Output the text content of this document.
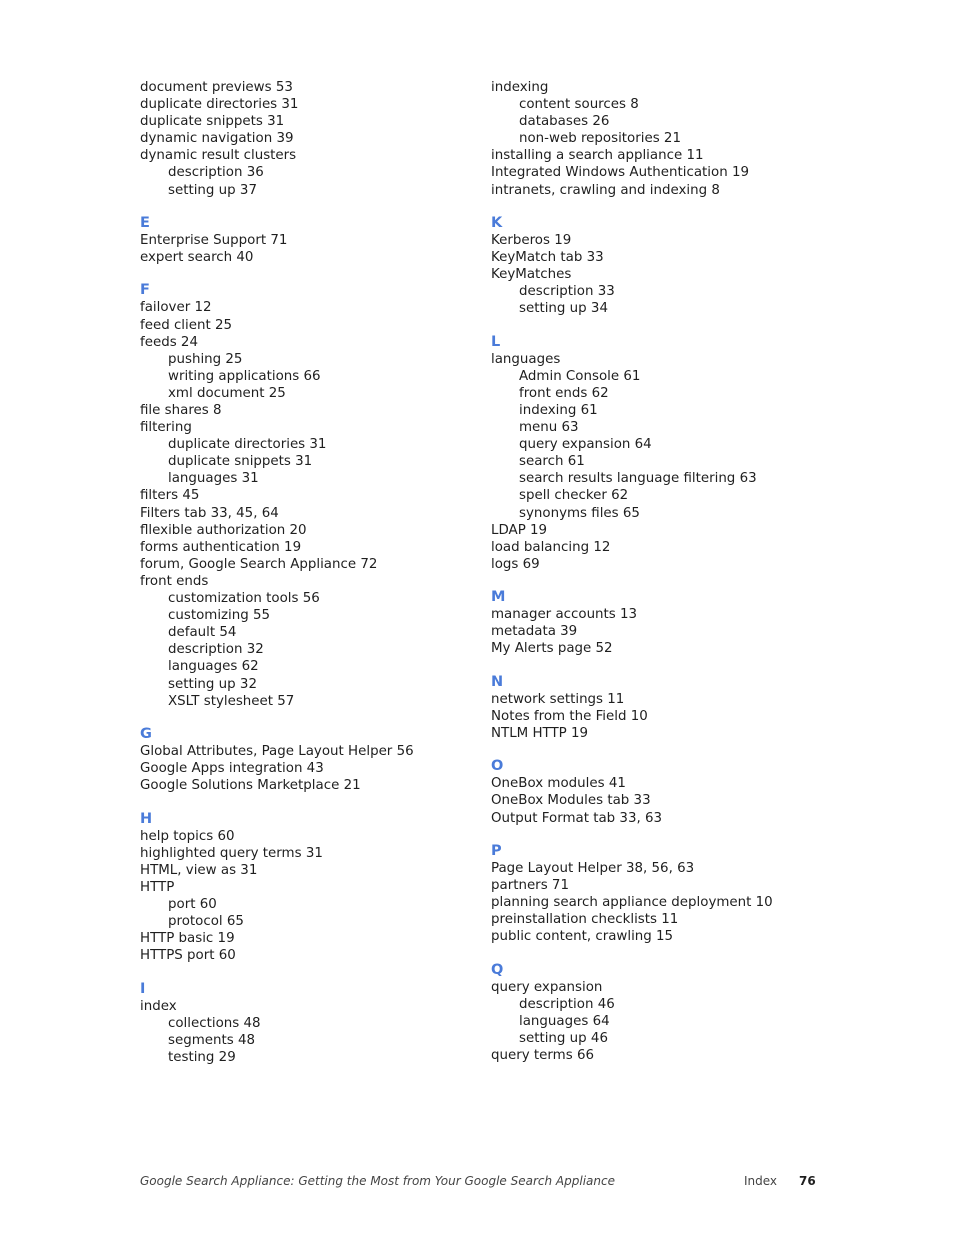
document previews 53
duplicate directories 31
duplicate snippets 31
dynamic navigation 39
dynamic result clusters
description 36
setting up 37
E
Enterprise Support 71
expert search 40
F
failover 12
feed client 25
feeds 24
pushing 25
writing applications 66
xml document 25
file shares 8
filtering
duplicate directories 31
duplicate snippets 31
languages 31
filters 45
Filters tab 33, 45, 64
fllexible authorization 20
forms authentication 19
forum, Google Search Appliance 72
front ends
customization tools 56
customizing 55
default 54
description 32
languages 62
setting up 32
XSLT stylesheet 57
G
Global Attributes, Page Layout Helper 56
Google Apps integration 43
Google Solutions Marketplace 21
H
help topics 60
highlighted query terms 31
HTML, view as 31
HTTP
port 60
protocol 65
HTTP basic 19
HTTPS port 60
I
index
collections 48
segments 48
testing 29
indexing
content sources 8
databases 26
non-web repositories 21
installing a search appliance 11
Integrated Windows Authentication 19
intranets, crawling and indexing 8
K
Kerberos 19
KeyMatch tab 33
KeyMatches
description 33
setting up 34
L
languages
Admin Console 61
front ends 62
indexing 61
menu 63
query expansion 64
search 61
search results language filtering 63
spell checker 62
synonyms files 65
LDAP 19
load balancing 12
logs 69
M
manager accounts 13
metadata 39
My Alerts page 52
N
network settings 11
Notes from the Field 10
NTLM HTTP 19
O
OneBox modules 41
OneBox Modules tab 33
Output Format tab 33, 63
P
Page Layout Helper 38, 56, 63
partners 71
planning search appliance deployment 10
preinstallation checklists 11
public content, crawling 15
Q
query expansion
description 46
languages 64
setting up 46
query terms 66
Google Search Appliance: Getting the Most from Your Google Search Appliance	Index 76
